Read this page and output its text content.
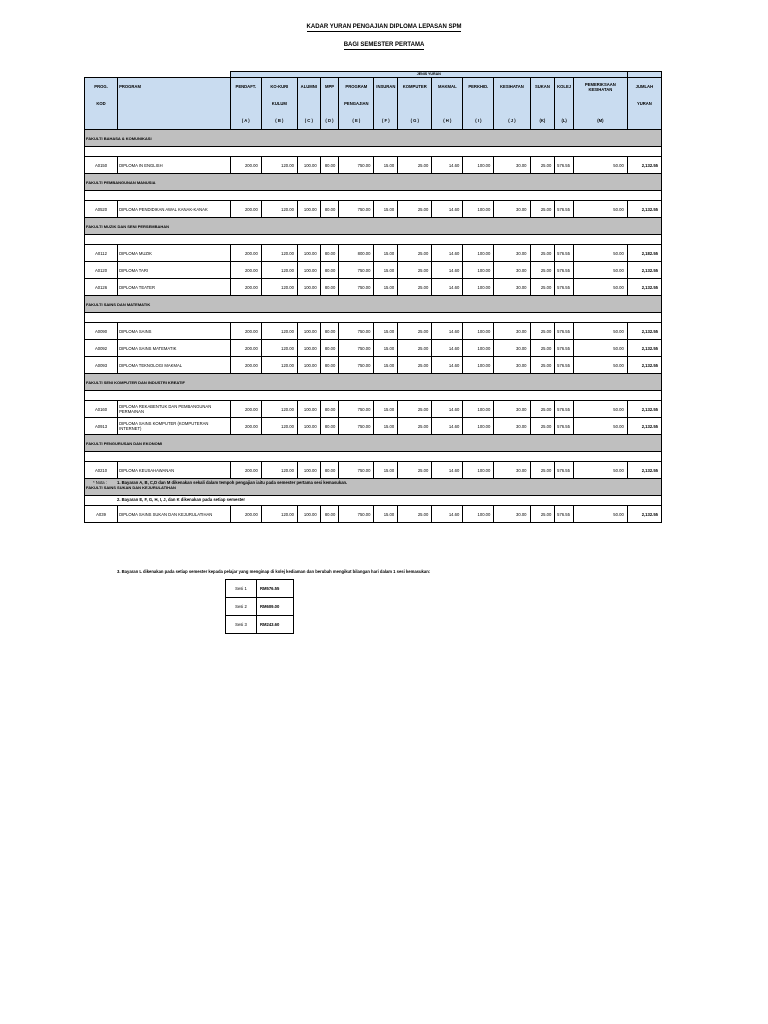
KADAR YURAN PENGAJIAN DIPLOMA LEPASAN SPM
BAGI SEMESTER PERTAMA
		JENIS YURAN													
PROG.	PROGRAM	PENDAFT.	KO-KURI	ALUMNI	MPP	PROGRAM	INSURAN	KOMPUTER	MAKMAL	PERKHID.	KESIHATAN	SUKAN	KOLEJ	PEMERIKSAAN KESIHATAN	JUMLAH
KOD			KULUM			PENGAJIAN									YURAN
		( A )	( B )	( C )	( D )	( E )	( F )	( G )	( H )	( I )	( J )	(K)	(L)	(M)	
FAKULTI BAHASA & KOMUNIKASI															

A0150	DIPLOMA IN ENGLISH	200.00	120.00	100.00	80.00	750.00	15.00	25.00	14.60	100.00	30.00	25.00	576.55	50.00	2,132.55
FAKULTI PEMBANGUNAN MANUSIA															

A0520	DIPLOMA PENDIDIKAN AWAL KANAK-KANAK	200.00	120.00	100.00	80.00	750.00	15.00	25.00	14.60	100.00	30.00	25.00	576.55	50.00	2,132.55
FAKULTI MUZIK DAN SENI PERSEMBAHAN															

A0112	DIPLOMA MUZIK	200.00	120.00	100.00	80.00	800.00	15.00	25.00	14.60	100.00	30.00	25.00	576.55	50.00	2,182.55
A0120	DIPLOMA TARI	200.00	120.00	100.00	80.00	750.00	15.00	25.00	14.60	100.00	30.00	25.00	576.55	50.00	2,132.55
A0126	DIPLOMA TEATER	200.00	120.00	100.00	80.00	750.00	15.00	25.00	14.60	100.00	30.00	25.00	576.55	50.00	2,132.55
FAKULTI SAINS DAN MATEMATIK															

A0090	DIPLOMA SAINS	200.00	120.00	100.00	80.00	750.00	15.00	25.00	14.60	100.00	30.00	25.00	576.55	50.00	2,132.55
A0092	DIPLOMA SAINS MATEMATIK	200.00	120.00	100.00	80.00	750.00	15.00	25.00	14.60	100.00	30.00	25.00	576.55	50.00	2,132.55
A0093	DIPLOMA TEKNOLOGI MAKMAL	200.00	120.00	100.00	80.00	750.00	15.00	25.00	14.60	100.00	30.00	25.00	576.55	50.00	2,132.55
FAKULTI SENI KOMPUTER DAN INDUSTRI KREATIF															

A0160	DIPLOMA REKABENTUK DAN PEMBANGUNAN PERMAINAN	200.00	120.00	100.00	80.00	750.00	15.00	25.00	14.60	100.00	30.00	25.00	576.55	50.00	2,132.55
A0913	DIPLOMA SAINS KOMPUTER (KOMPUTERAN INTERNET)	200.00	120.00	100.00	80.00	750.00	15.00	25.00	14.60	100.00	30.00	25.00	576.55	50.00	2,132.55
FAKULTI PENGURUSAN DAN EKONOMI															

A0210	DIPLOMA KEUSAHAWANAN	200.00	120.00	100.00	80.00	750.00	15.00	25.00	14.60	100.00	30.00	25.00	576.55	50.00	2,132.55
FAKULTI SAINS SUKAN DAN KEJURULATIHAN															

A039	DIPLOMA SAINS SUKAN DAN KEJURULATIHAN	200.00	120.00	100.00	80.00	750.00	15.00	25.00	14.60	100.00	30.00	25.00	576.55	50.00	2,132.55

* Nota : 1. Bayaran A, B, C,D dan M dikenakan sekali dalam tempoh pengajian iaitu pada semester pertama sesi kemasukan.
2. Bayaran E, F, G, H, I, J, dan K dikenakan pada setiap semester
3. Bayaran L dikenakan pada setiap semester kepada pelajar yang menginap di kolej kediaman dan berubah mengikut bilangan hari dalam 1 sesi kemasukan:
Sesi 1	RM576.55
Sesi 2	RM609.00
Sesi 3	RM243.60
